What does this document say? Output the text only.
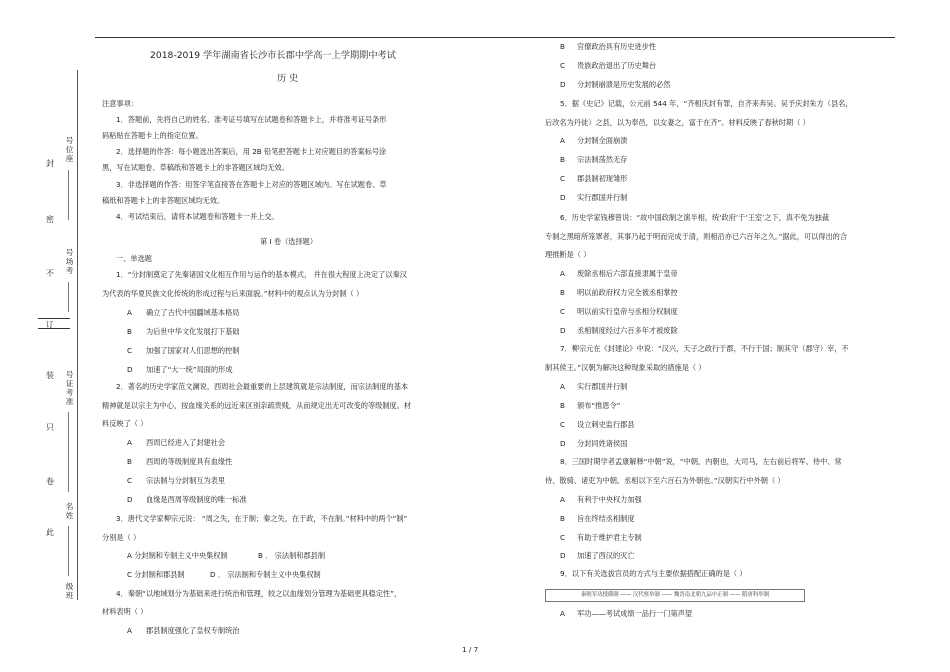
封
密
不
订
装
只
卷
此
号位座
号场考
号证考准
名姓
级班
2018-2019 学年湖南省长沙市长郡中学高一上学期期中考试
历 史
注意事项：
1．答题前，先将自己的姓名、准考证号填写在试题卷和答题卡上，并将准考证号条形
码粘贴在答题卡上的指定位置。
2．选择题的作答：每小题选出答案后，用 2B 铅笔把答题卡上对应题目的答案标号涂
黑，写在试题卷、草稿纸和答题卡上的非答题区域均无效。
3．非选择题的作答：用签字笔直接答在答题卡上对应的答题区域内。写在试题卷、草
稿纸和答题卡上的非答题区域均无效。
4．考试结束后，请将本试题卷和答题卡一并上交。
第 I 卷（选择题）
一、单选题
1．“分封制奠定了先秦诸国文化相互作用与运作的基本模式， 并在很大程度上决定了以秦汉
为代表的华夏民族文化传统的形成过程与后来面貌。”材料中的观点认为分封制（ ）
A 确立了古代中国疆域基本格局
B 为后世中华文化发展打下基础
C 加强了国家对人们思想的控制
D 加速了“大一统”局面的形成
2．著名的历史学家范文澜说，西周社会最重要的上层建筑就是宗法制度，而宗法制度的基本
精神就是以宗主为中心，按血缘关系的远近来区别亲疏贵贱，从而规定出无可改变的等级制度。材
料反映了（ ）
A 西周已经进入了封建社会
B 西周的等级制度具有血缘性
C 宗法制与分封制互为表里
D 血缘是西周等级制度的唯一标准
3．唐代文学家柳宗元说： “周之失，在于制；秦之失，在于政，不在制。”材料中的两个“制”
分别是（ ）
A 分封制和专制主义中央集权制	B ． 宗法制和郡县制
C 分封制和郡县制	D ． 宗法制和专制主义中央集权制
4．秦朝“以地域划分为基础来进行统治和管理，较之以血缘划分管理为基础更具稳定性”，
材料表明（ ）
A 郡县制度强化了皇权专制统治
B 官僚政治具有历史进步性
C 贵族政治退出了历史舞台
D 分封制崩溃是历史发展的必然
5．据《史记》记载，公元前 544 年，“齐相庆封有罪，自齐来奔吴。吴予庆封朱方（县名，
后改名为丹徒）之县，以为奉邑，以女妻之，富于在齐”。材料反映了春秋时期（ ）
A 分封制全面崩溃
B 宗法制荡然无存
C 郡县制初现雏形
D 实行郡国并行制
6．历史学家钱穆曾说：“故中国政制之演半相，统‘政府’于‘王室’之下，真不免为独裁
专制之黑暗所笼罩者，其事乃起于明而完成于清，则相沿亦已六百年之久。”据此，可以得出的合
理推断是（ ）
A 废除丞相后六部直接隶属于皇帝
B 明以前政府权力完全被丞相掌控
C 明以前实行皇帝与丞相分权制度
D 丞相制度经过六百多年才被废除
7．柳宗元在《封建论》中说：“汉兴，天子之政行于郡，不行于国；制其守（郡守）宰，不
制其侯王。”汉朝为解决这种现象采取的措施是（ ）
A 实行郡国并行制
B 颁布“推恩令”
C 设立刺史监行郡县
D 分封同姓诸侯国
8．三国时期学者孟康解释“中朝”说，“中朝，内朝也，大司马，左右前后将军、侍中、常
侍、散骑、诸吏为中朝。丞相以下至六百石为外朝也。”汉朝实行中外朝（ ）
A 有利于中央权力加强
B 旨在终结丞相制度
C 有助于维护君主专制
D 加速了西汉的灭亡
9．以下有关选拔官员的方式与主要依据搭配正确的是（ ）
秦朝军功授爵制 —— 汉代察举制 —— 魏晋南北朝九品中正制 —— 隋唐科举制
A 军功——考试成绩一品行一门第声望
1 / 7
